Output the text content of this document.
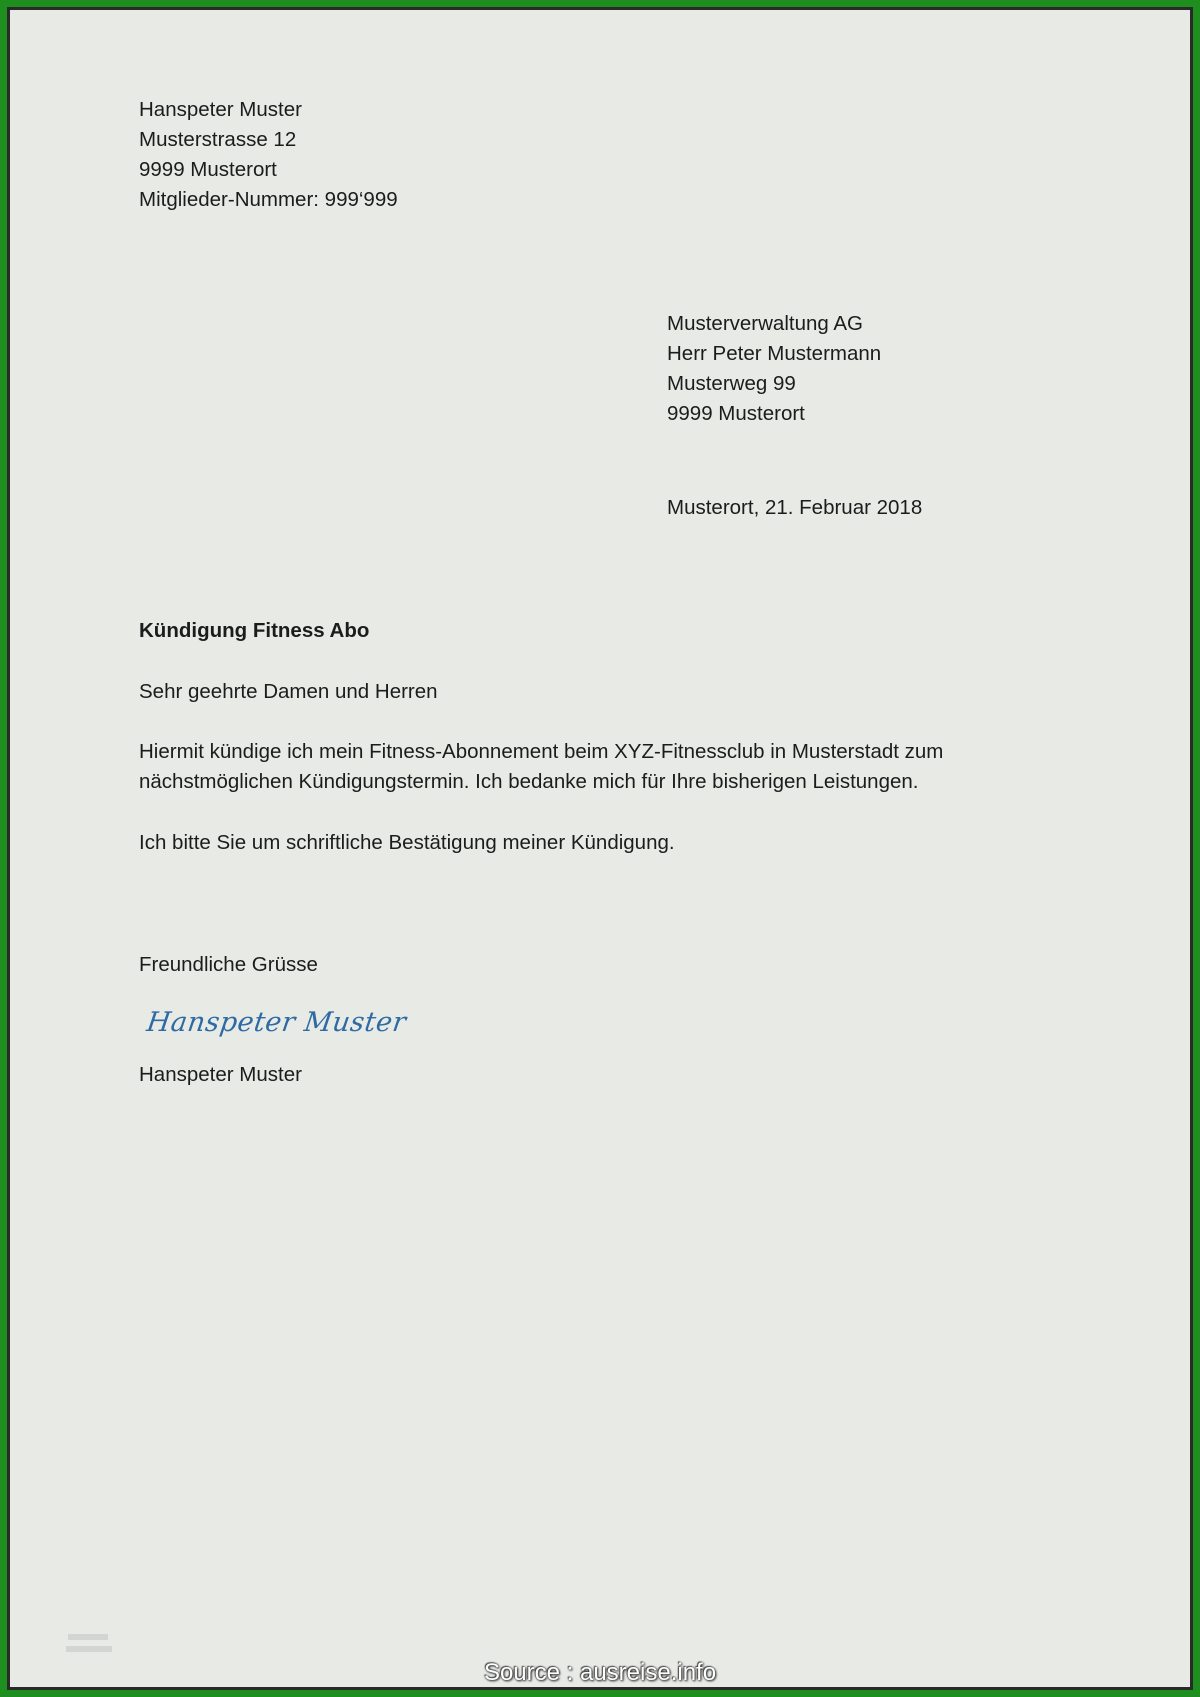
Hanspeter Muster
Musterstrasse 12
9999 Musterort
Mitglieder-Nummer: 999‘999
Musterverwaltung AG
Herr Peter Mustermann
Musterweg 99
9999 Musterort
Musterort, 21. Februar 2018
Kündigung Fitness Abo
Sehr geehrte Damen und Herren
Hiermit kündige ich mein Fitness-Abonnement beim XYZ-Fitnessclub in Musterstadt zum
nächstmöglichen Kündigungstermin. Ich bedanke mich für Ihre bisherigen Leistungen.
Ich bitte Sie um schriftliche Bestätigung meiner Kündigung.
Freundliche Grüsse
Hanspeter Muster
Hanspeter Muster
Source : ausreise.info
